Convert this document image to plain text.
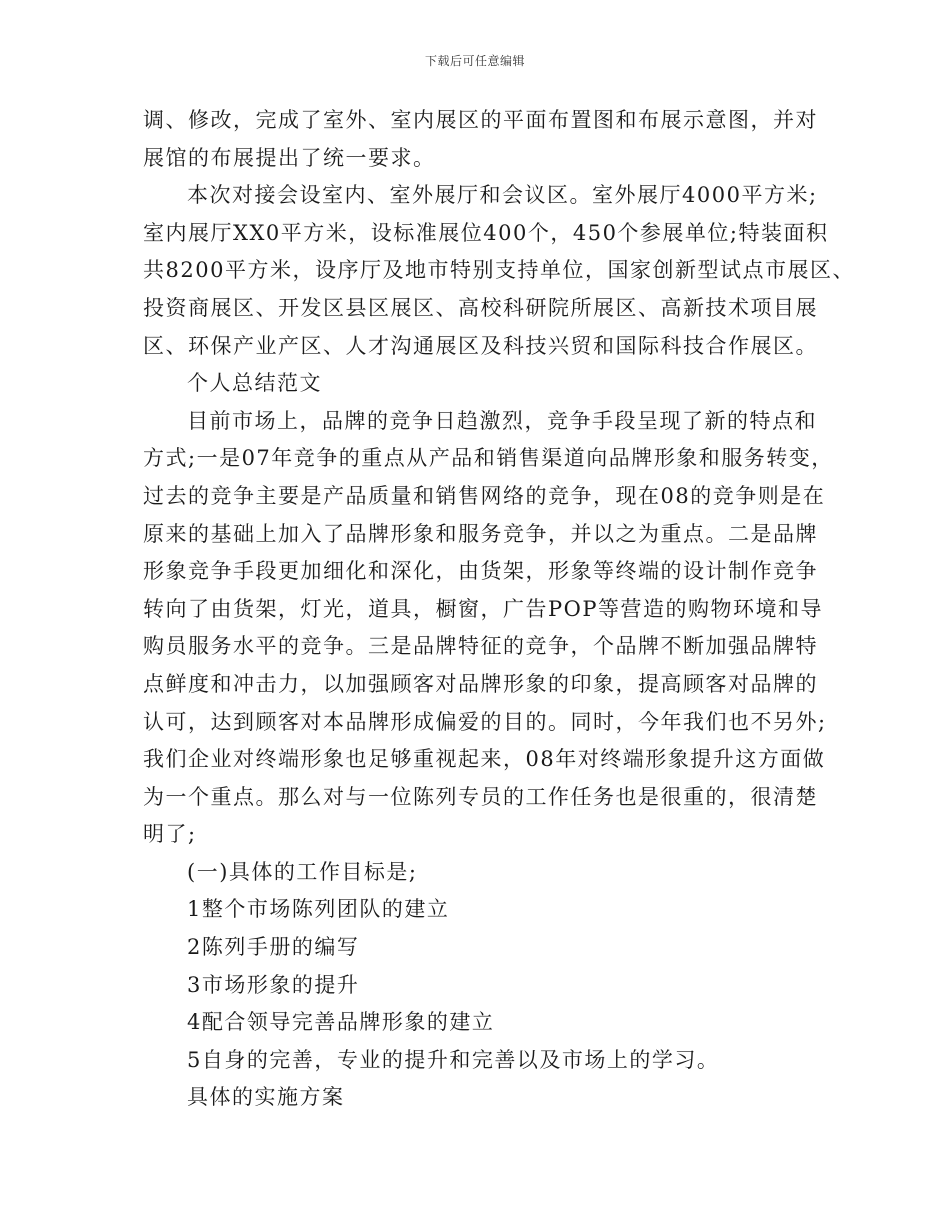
下载后可任意编辑
调、修改，完成了室外、室内展区的平面布置图和布展示意图，并对
展馆的布展提出了统一要求。
本次对接会设室内、室外展厅和会议区。室外展厅4000平方米;
室内展厅XX0平方米，设标准展位400个，450个参展单位;特装面积
共8200平方米，设序厅及地市特别支持单位，国家创新型试点市展区、
投资商展区、开发区县区展区、高校科研院所展区、高新技术项目展
区、环保产业产区、人才沟通展区及科技兴贸和国际科技合作展区。
个人总结范文
目前市场上，品牌的竞争日趋激烈，竞争手段呈现了新的特点和
方式;一是07年竞争的重点从产品和销售渠道向品牌形象和服务转变，
过去的竞争主要是产品质量和销售网络的竞争，现在08的竞争则是在
原来的基础上加入了品牌形象和服务竞争，并以之为重点。二是品牌
形象竞争手段更加细化和深化，由货架，形象等终端的设计制作竞争
转向了由货架，灯光，道具，橱窗，广告POP等营造的购物环境和导
购员服务水平的竞争。三是品牌特征的竞争，个品牌不断加强品牌特
点鲜度和冲击力，以加强顾客对品牌形象的印象，提高顾客对品牌的
认可，达到顾客对本品牌形成偏爱的目的。同时，今年我们也不另外;
我们企业对终端形象也足够重视起来，08年对终端形象提升这方面做
为一个重点。那么对与一位陈列专员的工作任务也是很重的，很清楚
明了;
(一)具体的工作目标是;
1整个市场陈列团队的建立
2陈列手册的编写
3市场形象的提升
4配合领导完善品牌形象的建立
5自身的完善，专业的提升和完善以及市场上的学习。
具体的实施方案
